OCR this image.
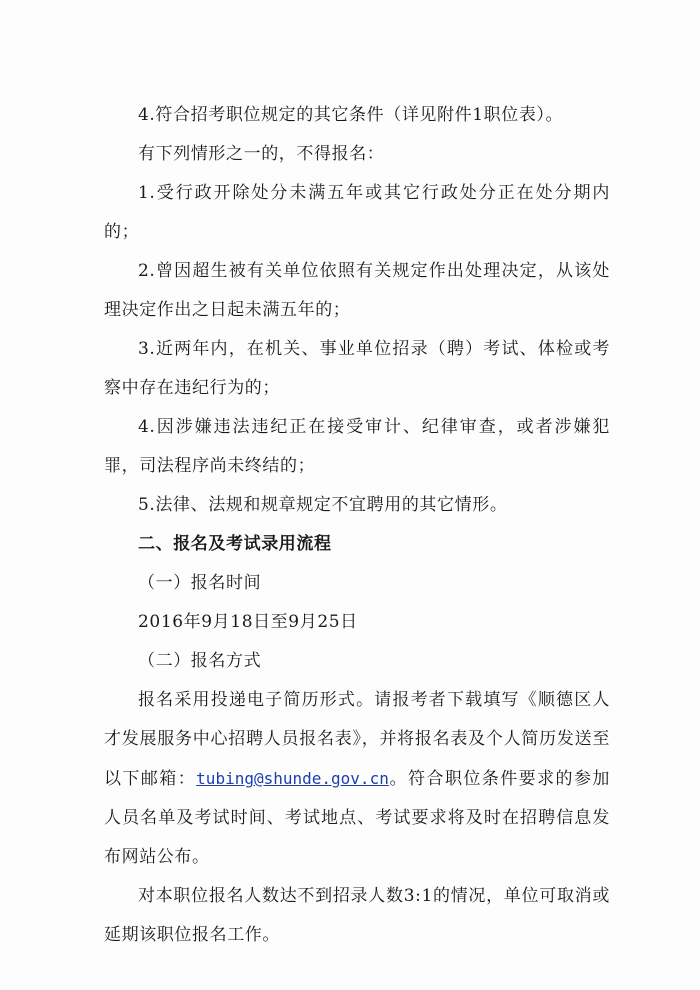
4.符合招考职位规定的其它条件（详见附件1职位表）。

有下列情形之一的，不得报名：

1.受行政开除处分未满五年或其它行政处分正在处分期内的；

2.曾因超生被有关单位依照有关规定作出处理决定，从该处理决定作出之日起未满五年的；

3.近两年内，在机关、事业单位招录（聘）考试、体检或考察中存在违纪行为的；

4.因涉嫌违法违纪正在接受审计、纪律审查，或者涉嫌犯罪，司法程序尚未终结的；

5.法律、法规和规章规定不宜聘用的其它情形。

二、报名及考试录用流程

（一）报名时间

2016年9月18日至9月25日

（二）报名方式

报名采用投递电子简历形式。请报考者下载填写《顺德区人才发展服务中心招聘人员报名表》，并将报名表及个人简历发送至以下邮箱：tubing@shunde.gov.cn。符合职位条件要求的参加人员名单及考试时间、考试地点、考试要求将及时在招聘信息发布网站公布。

对本职位报名人数达不到招录人数3:1的情况，单位可取消或延期该职位报名工作。
